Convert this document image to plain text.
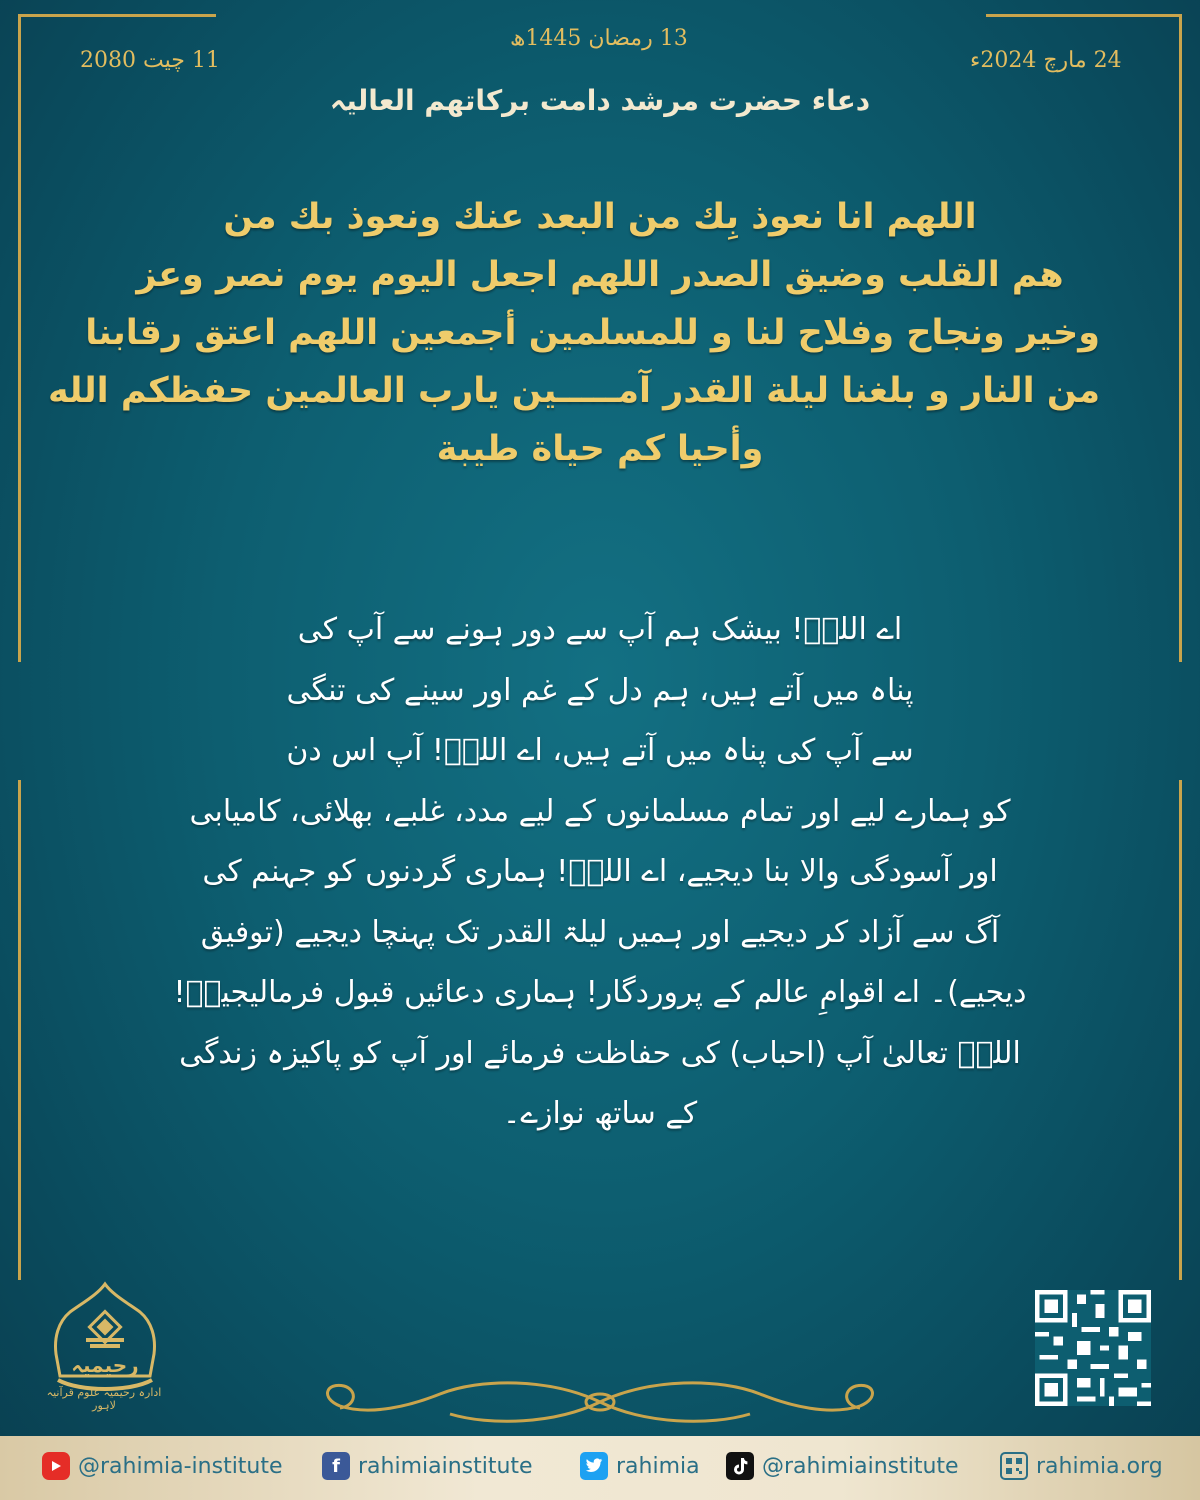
13 رمضان 1445ھ
24 مارچ 2024ء
11 چیت 2080
دعاء حضرت مرشد دامت برکاتھم العالیہ
اللهم انا نعوذ بِك من البعد عنك ونعوذ بك من
هم القلب وضيق الصدر اللهم اجعل اليوم يوم نصر وعز
وخير ونجاح وفلاح لنا و للمسلمين أجمعين اللهم اعتق رقابنا
من النار و بلغنا ليلة القدر آمـــــين يارب العالمين حفظكم الله
وأحيا كم حياة طيبة
اے اللہؐ! بیشک ہم آپ سے دور ہونے سے آپ کی
پناہ میں آتے ہیں، ہم دل کے غم اور سینے کی تنگی
سے آپ کی پناہ میں آتے ہیں، اے اللہؐ! آپ اس دن
کو ہمارے لیے اور تمام مسلمانوں کے لیے مدد، غلبے، بھلائی، کامیابی
اور آسودگی والا بنا دیجیے، اے اللہؐ! ہماری گردنوں کو جہنم کی
آگ سے آزاد کر دیجیے اور ہمیں لیلۃ القدر تک پہنچا دیجیے (توفیق
دیجیے)۔ اے اقوامِ عالم کے پروردگار! ہماری دعائیں قبول فرمالیجیےؐ!
اللہؐ تعالیٰ آپ (احباب) کی حفاظت فرمائے اور آپ کو پاکیزہ زندگی
کے ساتھ نوازے۔
رحیمیہ
ادارہ رحیمیہ علوم قرآنیہ لاہور
@rahimia-institute	f rahimiainstitute	rahimia	@rahimiainstitute	rahimia.org
